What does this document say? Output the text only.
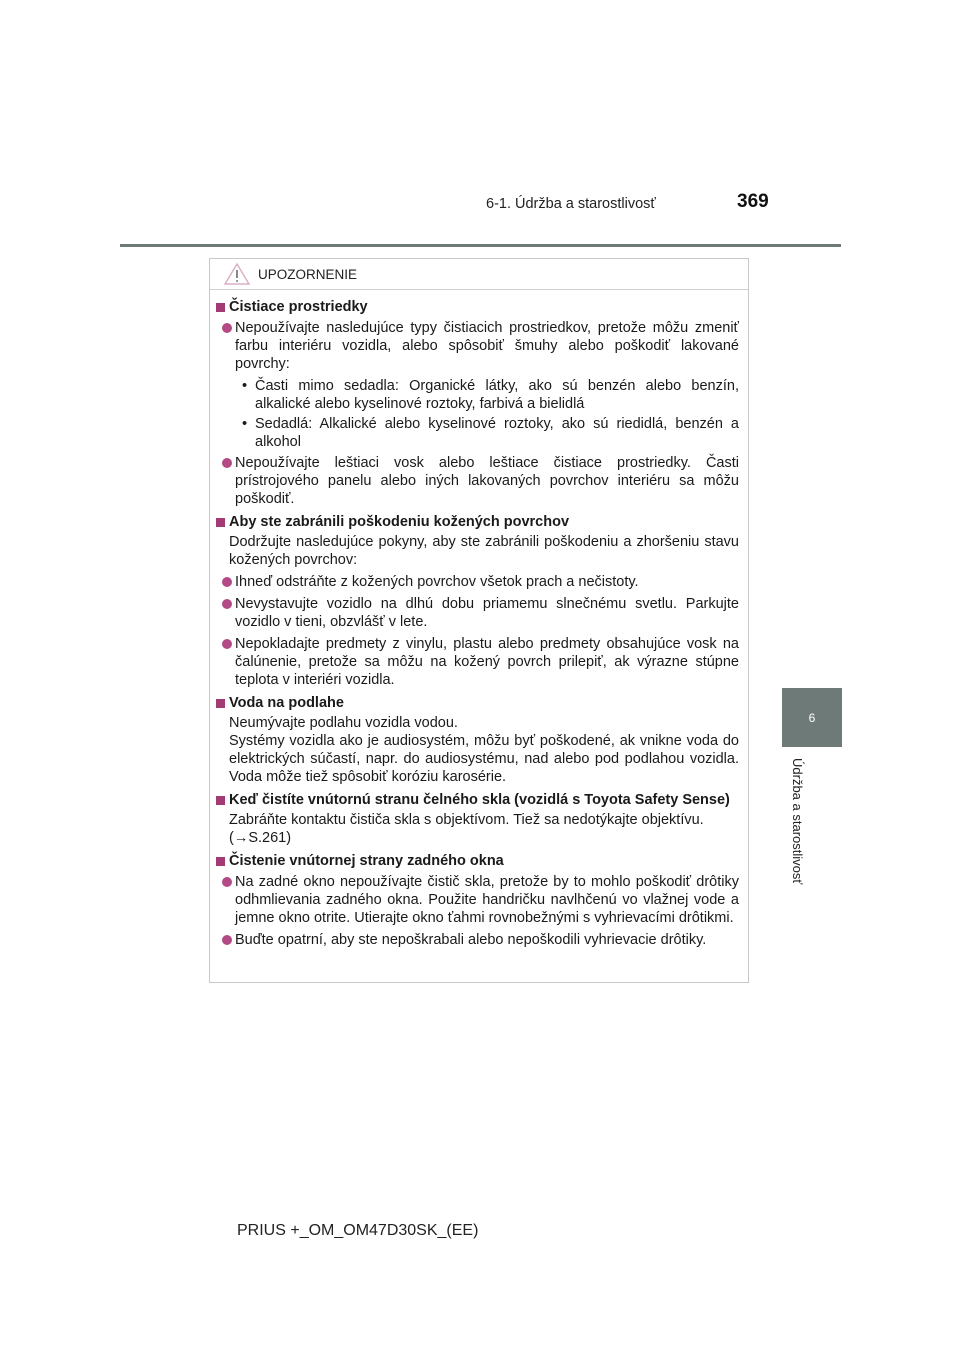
6-1. Údržba a starostlivosť	369
6
Údržba a starostlivosť
UPOZORNENIE
Čistiace prostriedky
Nepoužívajte nasledujúce typy čistiacich prostriedkov, pretože môžu zmeniť farbu interiéru vozidla, alebo spôsobiť šmuhy alebo poškodiť lakované povrchy:
• Časti mimo sedadla: Organické látky, ako sú benzén alebo benzín, alkalické alebo kyselinové roztoky, farbivá a bielidlá
• Sedadlá: Alkalické alebo kyselinové roztoky, ako sú riedidlá, benzén a alkohol
Nepoužívajte leštiaci vosk alebo leštiace čistiace prostriedky. Časti prístrojového panelu alebo iných lakovaných povrchov interiéru sa môžu poškodiť.
Aby ste zabránili poškodeniu kožených povrchov
Dodržujte nasledujúce pokyny, aby ste zabránili poškodeniu a zhoršeniu stavu kožených povrchov:
Ihneď odstráňte z kožených povrchov všetok prach a nečistoty.
Nevystavujte vozidlo na dlhú dobu priamemu slnečnému svetlu. Parkujte vozidlo v tieni, obzvlášť v lete.
Nepokladajte predmety z vinylu, plastu alebo predmety obsahujúce vosk na čalúnenie, pretože sa môžu na kožený povrch prilepiť, ak výrazne stúpne teplota v interiéri vozidla.
Voda na podlahe
Neumývajte podlahu vozidla vodou.
Systémy vozidla ako je audiosystém, môžu byť poškodené, ak vnikne voda do elektrických súčastí, napr. do audiosystému, nad alebo pod podlahou vozidla. Voda môže tiež spôsobiť koróziu karosérie.
Keď čistíte vnútornú stranu čelného skla (vozidlá s Toyota Safety Sense)
Zabráňte kontaktu čističa skla s objektívom. Tiež sa nedotýkajte objektívu.
(→S.261)
Čistenie vnútornej strany zadného okna
Na zadné okno nepoužívajte čistič skla, pretože by to mohlo poškodiť drôtiky odhmlievania zadného okna. Použite handričku navlhčenú vo vlažnej vode a jemne okno otrite. Utierajte okno ťahmi rovnobežnými s vyhrievacími drôtikmi.
Buďte opatrní, aby ste nepoškrabali alebo nepoškodili vyhrievacie drôtiky.
PRIUS +_OM_OM47D30SK_(EE)
